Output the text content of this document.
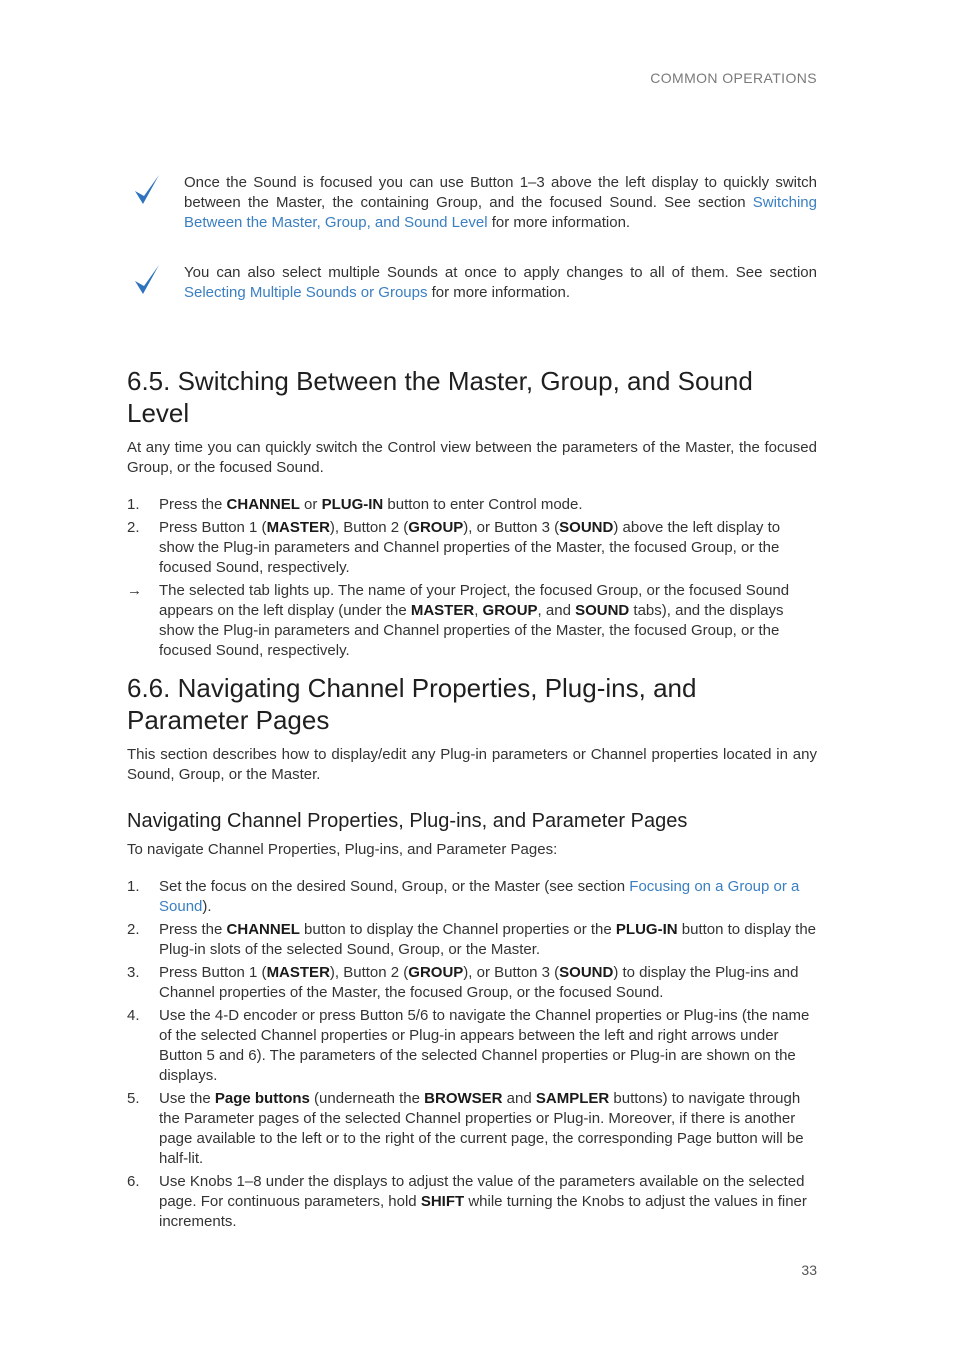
COMMON OPERATIONS

Once the Sound is focused you can use Button 1–3 above the left display to quickly switch between the Master, the containing Group, and the focused Sound. See section Switching Between the Master, Group, and Sound Level for more information.

You can also select multiple Sounds at once to apply changes to all of them. See section Selecting Multiple Sounds or Groups for more information.

6.5. Switching Between the Master, Group, and Sound Level

At any time you can quickly switch the Control view between the parameters of the Master, the focused Group, or the focused Sound.

1. Press the CHANNEL or PLUG-IN button to enter Control mode.
2. Press Button 1 (MASTER), Button 2 (GROUP), or Button 3 (SOUND) above the left display to show the Plug-in parameters and Channel properties of the Master, the focused Group, or the focused Sound, respectively.
→ The selected tab lights up. The name of your Project, the focused Group, or the focused Sound appears on the left display (under the MASTER, GROUP, and SOUND tabs), and the displays show the Plug-in parameters and Channel properties of the Master, the focused Group, or the focused Sound, respectively.
6.6. Navigating Channel Properties, Plug-ins, and Parameter Pages

This section describes how to display/edit any Plug-in parameters or Channel properties located in any Sound, Group, or the Master.

Navigating Channel Properties, Plug-ins, and Parameter Pages

To navigate Channel Properties, Plug-ins, and Parameter Pages:

1. Set the focus on the desired Sound, Group, or the Master (see section Focusing on a Group or a Sound).
2. Press the CHANNEL button to display the Channel properties or the PLUG-IN button to display the Plug-in slots of the selected Sound, Group, or the Master.
3. Press Button 1 (MASTER), Button 2 (GROUP), or Button 3 (SOUND) to display the Plug-ins and Channel properties of the Master, the focused Group, or the focused Sound.
4. Use the 4-D encoder or press Button 5/6 to navigate the Channel properties or Plug-ins (the name of the selected Channel properties or Plug-in appears between the left and right arrows under Button 5 and 6). The parameters of the selected Channel properties or Plug-in are shown on the displays.
5. Use the Page buttons (underneath the BROWSER and SAMPLER buttons) to navigate through the Parameter pages of the selected Channel properties or Plug-in. Moreover, if there is another page available to the left or to the right of the current page, the corresponding Page button will be half-lit.
6. Use Knobs 1–8 under the displays to adjust the value of the parameters available on the selected page. For continuous parameters, hold SHIFT while turning the Knobs to adjust the values in finer increments.
33
